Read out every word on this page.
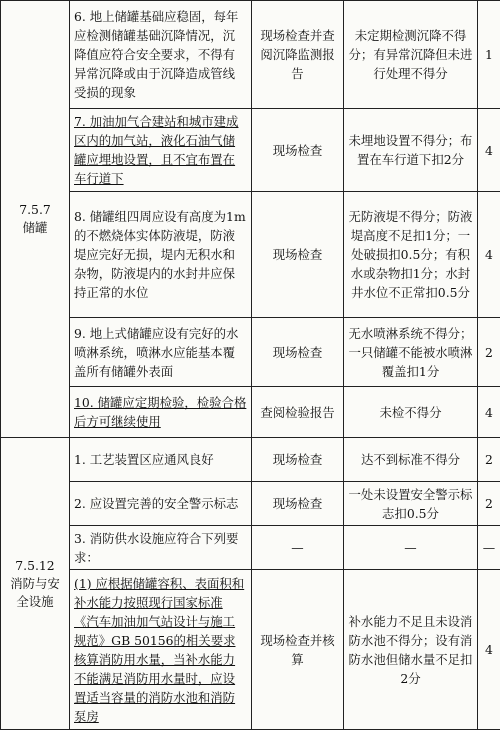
7.5.7
储罐	6. 地上储罐基础应稳固，每年应检测储罐基础沉降情况，沉降值应符合安全要求，不得有异常沉降或由于沉降造成管线受损的现象	现场检查并查阅沉降监测报告	未定期检测沉降不得分；有异常沉降但未进行处理不得分	1
	7. 加油加气合建站和城市建成区内的加气站，液化石油气储罐应埋地设置，且不宜布置在车行道下	现场检查	未埋地设置不得分；布置在车行道下扣2分	4
	8. 储罐组四周应设有高度为1m的不燃烧体实体防液堤，防液堤应完好无损，堤内无积水和杂物，防液堤内的水封井应保持正常的水位	现场检查	无防液堤不得分；防液堤高度不足扣1分；一处破损扣0.5分；有积水或杂物扣1分；水封井水位不正常扣0.5分	4
	9. 地上式储罐应设有完好的水喷淋系统，喷淋水应能基本覆盖所有储罐外表面	现场检查	无水喷淋系统不得分；一只储罐不能被水喷淋覆盖扣1分	2
	10. 储罐应定期检验，检验合格后方可继续使用	查阅检验报告	未检不得分	4

7.5.12
消防与安全设施	1. 工艺装置区应通风良好	现场检查	达不到标准不得分	2
	2. 应设置完善的安全警示标志	现场检查	一处未设置安全警示标志扣0.5分	2
	3. 消防供水设施应符合下列要求：	—	—	—
	(1) 应根据储罐容积、表面积和补水能力按照现行国家标准《汽车加油加气站设计与施工规范》GB 50156的相关要求核算消防用水量，当补水能力不能满足消防用水量时，应设置适当容量的消防水池和消防泵房	现场检查并核算	补水能力不足且未设消防水池不得分；设有消防水池但储水量不足扣2分	4
